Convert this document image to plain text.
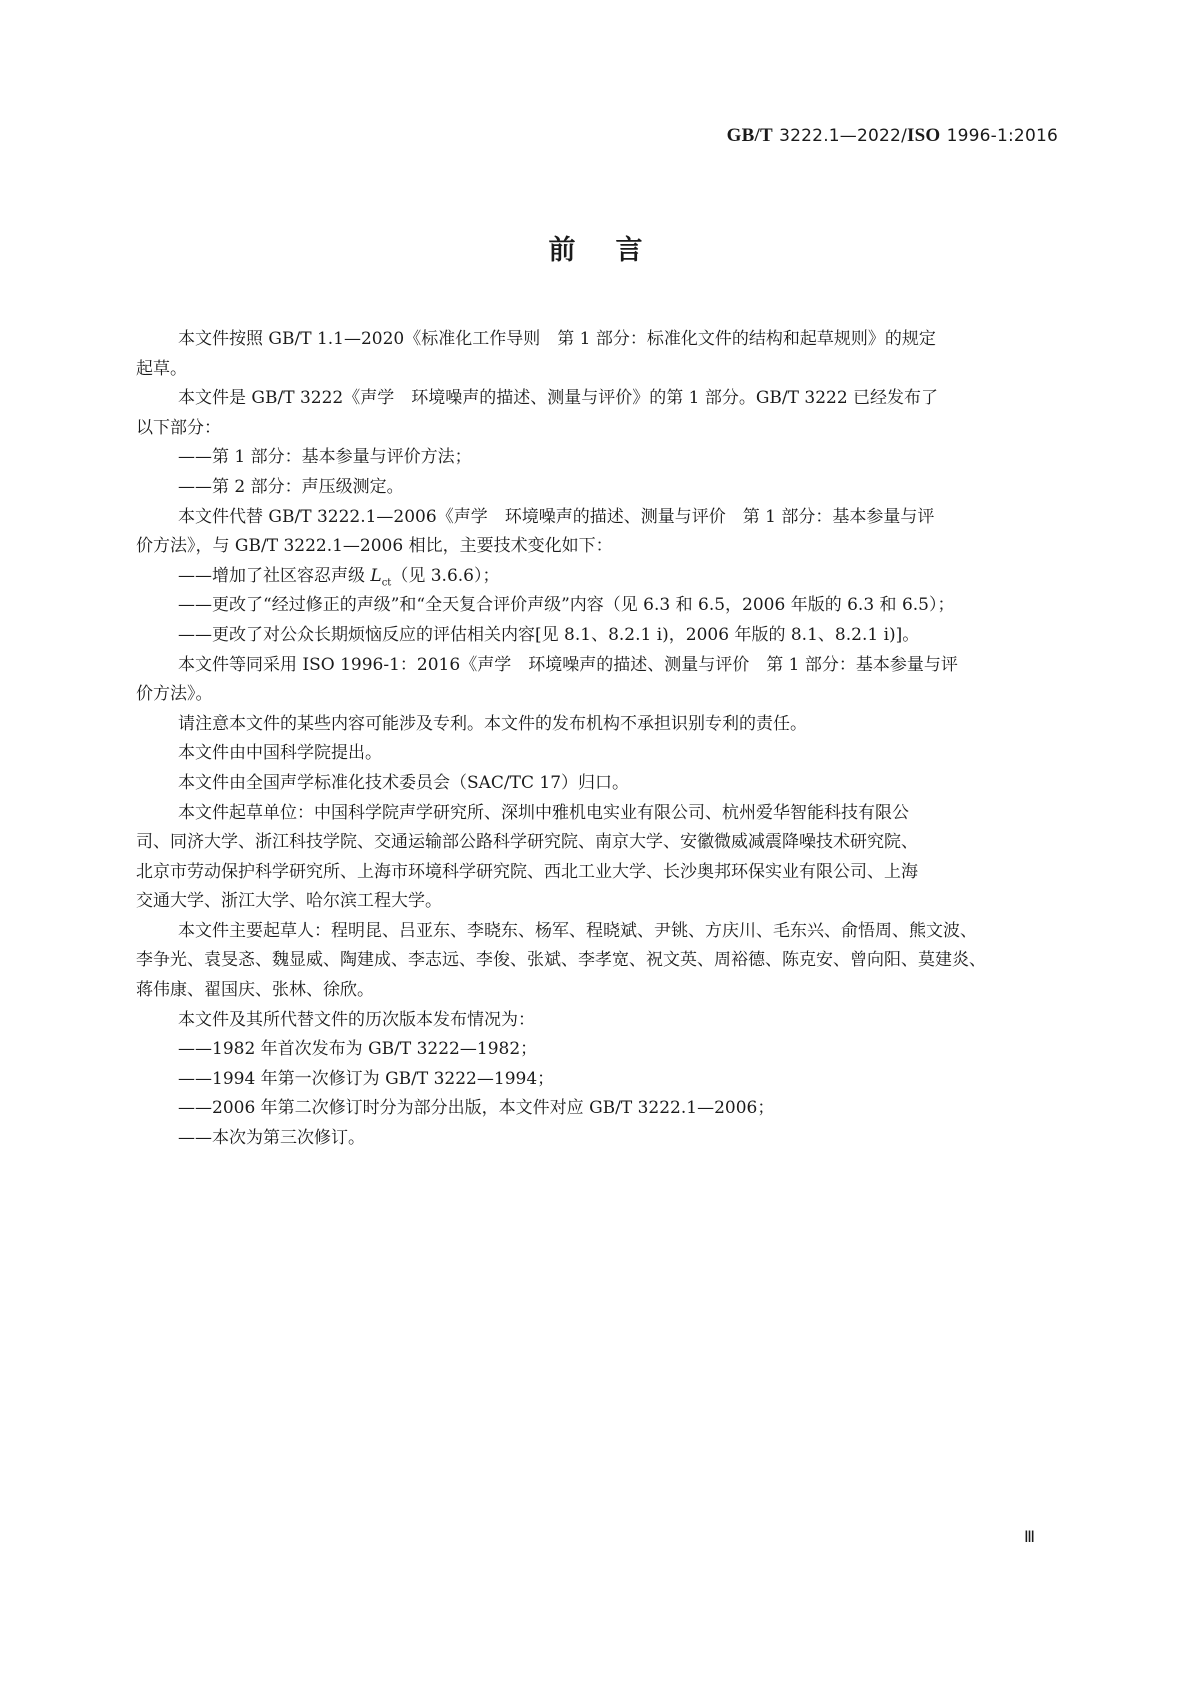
GB/T 3222.1—2022/ISO 1996-1:2016
前言
本文件按照 GB/T 1.1—2020《标准化工作导则　第 1 部分：标准化文件的结构和起草规则》的规定
起草。
本文件是 GB/T 3222《声学　环境噪声的描述、测量与评价》的第 1 部分。GB/T 3222 已经发布了
以下部分：
——第 1 部分：基本参量与评价方法；
——第 2 部分：声压级测定。
本文件代替 GB/T 3222.1—2006《声学　环境噪声的描述、测量与评价　第 1 部分：基本参量与评
价方法》，与 GB/T 3222.1—2006 相比，主要技术变化如下：
——增加了社区容忍声级 $L_{ct}$（见 3.6.6）；
——更改了“经过修正的声级”和“全天复合评价声级”内容（见 6.3 和 6.5，2006 年版的 6.3 和 6.5）；
——更改了对公众长期烦恼反应的评估相关内容[见 8.1、8.2.1 i)，2006 年版的 8.1、8.2.1 i)]。
本文件等同采用 ISO 1996-1：2016《声学　环境噪声的描述、测量与评价　第 1 部分：基本参量与评
价方法》。
请注意本文件的某些内容可能涉及专利。本文件的发布机构不承担识别专利的责任。
本文件由中国科学院提出。
本文件由全国声学标准化技术委员会（SAC/TC 17）归口。
本文件起草单位：中国科学院声学研究所、深圳中雅机电实业有限公司、杭州爱华智能科技有限公
司、同济大学、浙江科技学院、交通运输部公路科学研究院、南京大学、安徽微威减震降噪技术研究院、
北京市劳动保护科学研究所、上海市环境科学研究院、西北工业大学、长沙奥邦环保实业有限公司、上海
交通大学、浙江大学、哈尔滨工程大学。
本文件主要起草人：程明昆、吕亚东、李晓东、杨军、程晓斌、尹铫、方庆川、毛东兴、俞悟周、熊文波、
李争光、袁旻忞、魏显威、陶建成、李志远、李俊、张斌、李孝宽、祝文英、周裕德、陈克安、曾向阳、莫建炎、
蒋伟康、翟国庆、张林、徐欣。
本文件及其所代替文件的历次版本发布情况为：
——1982 年首次发布为 GB/T 3222—1982；
——1994 年第一次修订为 GB/T 3222—1994；
——2006 年第二次修订时分为部分出版，本文件对应 GB/T 3222.1—2006；
——本次为第三次修订。
Ⅲ
